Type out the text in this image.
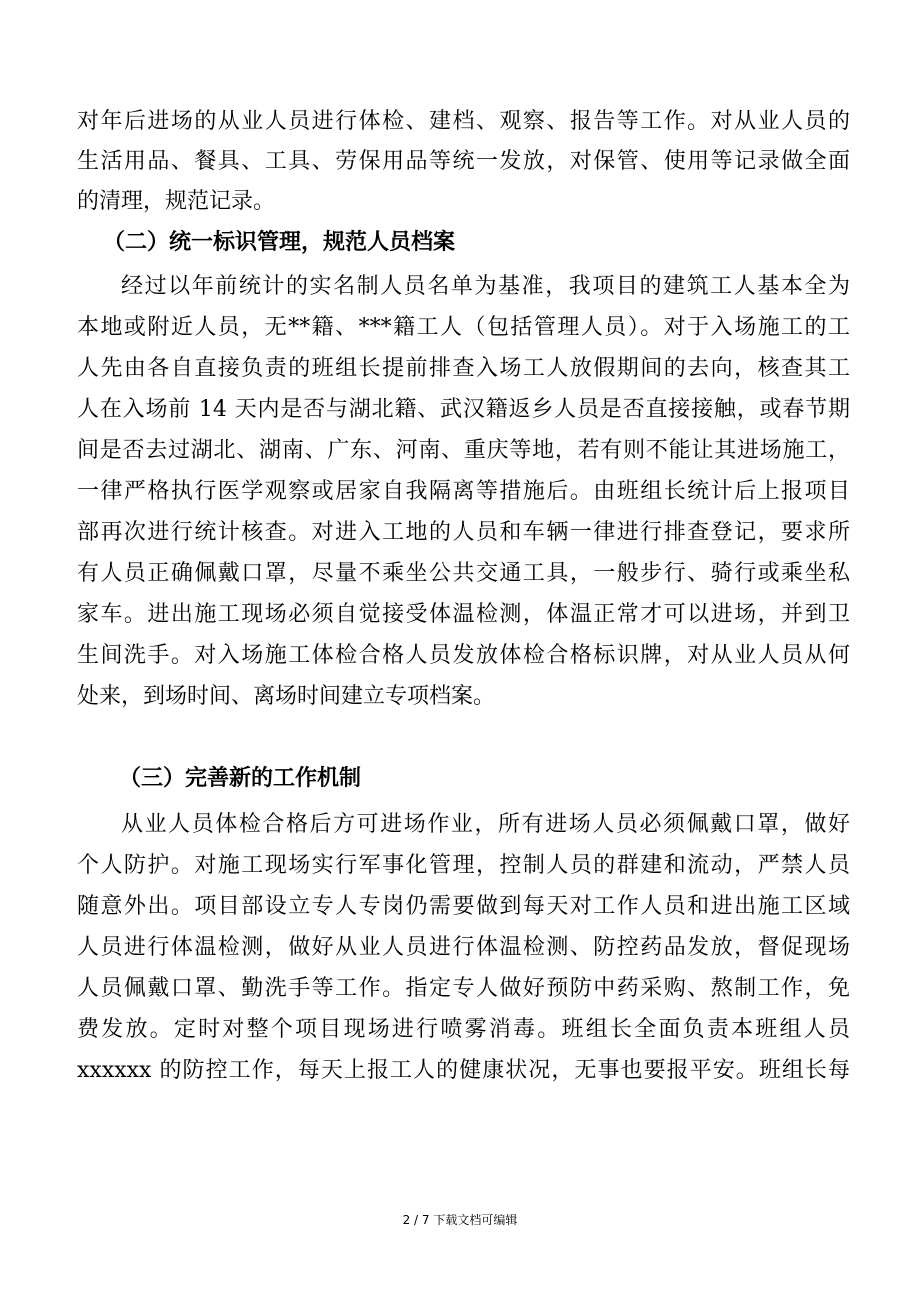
对年后进场的从业人员进行体检、建档、观察、报告等工作。对从业人员的
生活用品、餐具、工具、劳保用品等统一发放，对保管、使用等记录做全面
的清理，规范记录。
（二）统一标识管理，规范人员档案
经过以年前统计的实名制人员名单为基准，我项目的建筑工人基本全为
本地或附近人员，无**籍、***籍工人（包括管理人员）。对于入场施工的工
人先由各自直接负责的班组长提前排查入场工人放假期间的去向，核查其工
人在入场前 14 天内是否与湖北籍、武汉籍返乡人员是否直接接触，或春节期
间是否去过湖北、湖南、广东、河南、重庆等地，若有则不能让其进场施工，
一律严格执行医学观察或居家自我隔离等措施后。由班组长统计后上报项目
部再次进行统计核查。对进入工地的人员和车辆一律进行排查登记，要求所
有人员正确佩戴口罩，尽量不乘坐公共交通工具，一般步行、骑行或乘坐私
家车。进出施工现场必须自觉接受体温检测，体温正常才可以进场，并到卫
生间洗手。对入场施工体检合格人员发放体检合格标识牌，对从业人员从何
处来，到场时间、离场时间建立专项档案。
（三）完善新的工作机制
从业人员体检合格后方可进场作业，所有进场人员必须佩戴口罩，做好
个人防护。对施工现场实行军事化管理，控制人员的群建和流动，严禁人员
随意外出。项目部设立专人专岗仍需要做到每天对工作人员和进出施工区域
人员进行体温检测，做好从业人员进行体温检测、防控药品发放，督促现场
人员佩戴口罩、勤洗手等工作。指定专人做好预防中药采购、熬制工作，免
费发放。定时对整个项目现场进行喷雾消毒。班组长全面负责本班组人员
xxxxxx 的防控工作，每天上报工人的健康状况，无事也要报平安。班组长每
2 / 7 下载文档可编辑
